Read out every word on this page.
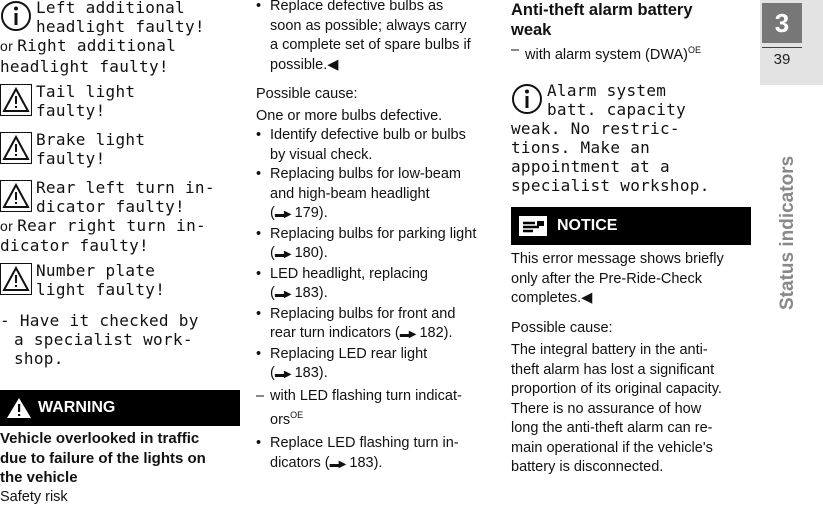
Left additional
headlight faulty!
or Right additional
headlight faulty!
Tail light
faulty!
Brake light
faulty!
Rear left turn in-
dicator faulty!
or Rear right turn in-
dicator faulty!
Number plate
light faulty!
- Have it checked by
a specialist work-
shop.
WARNING
Vehicle overlooked in traffic
due to failure of the lights on
the vehicle
Safety risk
• Replace defective bulbs as
soon as possible; always carry
a complete set of spare bulbs if
possible.◀
Possible cause:
One or more bulbs defective.
• Identify defective bulb or bulbs
by visual check.
• Replacing bulbs for low-beam
and high-beam headlight
(▬▶ 179).
• Replacing bulbs for parking light
(▬▶ 180).
• LED headlight, replacing
(▬▶ 183).
• Replacing bulbs for front and
rear turn indicators (▬▶ 182).
• Replacing LED rear light
(▬▶ 183).
– with LED flashing turn indicat-
ors$^{OE}$
• Replace LED flashing turn in-
dicators (▬▶ 183).
Anti-theft alarm battery
weak
– with alarm system (DWA)$^{OE}$
Alarm system
batt. capacity
weak. No restric-
tions. Make an
appointment at a
specialist workshop.
NOTICE
This error message shows briefly
only after the Pre-Ride-Check
completes.◀
Possible cause:
The integral battery in the anti-
theft alarm has lost a significant
proportion of its original capacity.
There is no assurance of how
long the anti-theft alarm can re-
main operational if the vehicle's
battery is disconnected.
3
39
Status indicators
